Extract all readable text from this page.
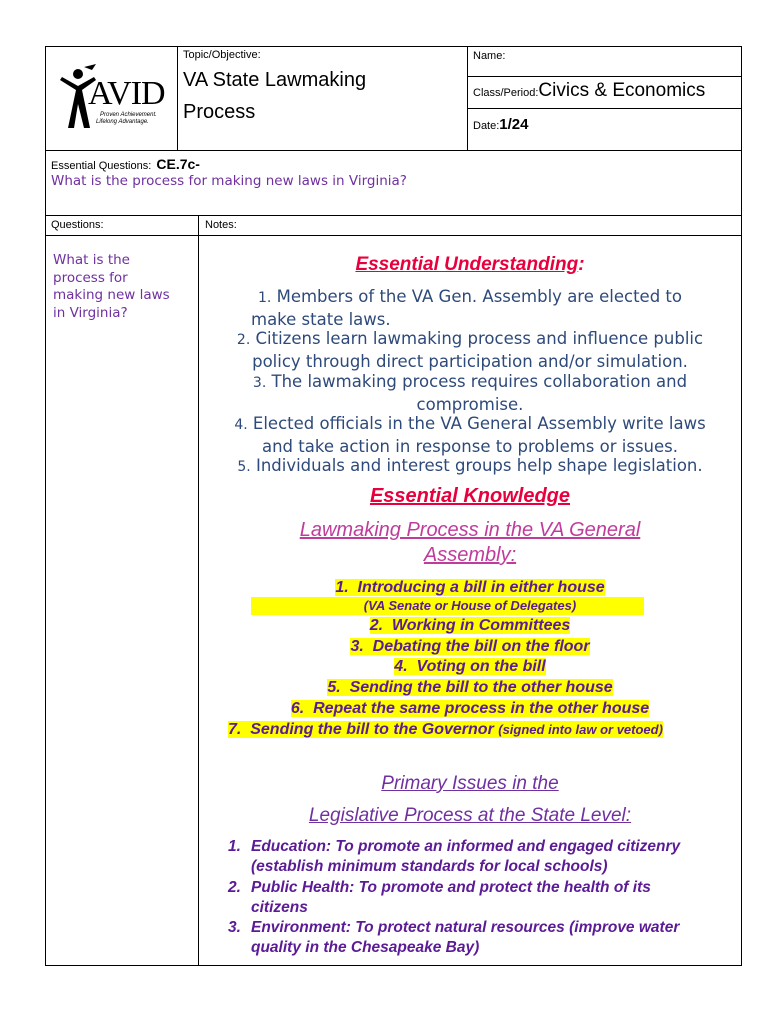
AVID
Proven Achievement.
Lifelong Advantage.
Topic/Objective:
VA State Lawmaking
Process
Name:
Class/Period:Civics & Economics
Date:1/24
Essential Questions: CE.7c-
What is the process for making new laws in Virginia?
Questions:	Notes:
What is the
process for
making new laws
in Virginia?
Essential Understanding:
1. Members of the VA Gen. Assembly are elected to
make state laws.
2. Citizens learn lawmaking process and influence public
policy through direct participation and/or simulation.
3. The lawmaking process requires collaboration and
compromise.
4. Elected officials in the VA General Assembly write laws
and take action in response to problems or issues.
5. Individuals and interest groups help shape legislation.
Essential Knowledge
Lawmaking Process in the VA General
Assembly:
1. Introducing a bill in either house
(VA Senate or House of Delegates)
2. Working in Committees
3. Debating the bill on the floor
4. Voting on the bill
5. Sending the bill to the other house
6. Repeat the same process in the other house
7. Sending the bill to the Governor (signed into law or vetoed)
Primary Issues in the
Legislative Process at the State Level:
1. Education: To promote an informed and engaged citizenry
(establish minimum standards for local schools)
2. Public Health: To promote and protect the health of its
citizens
3. Environment: To protect natural resources (improve water
quality in the Chesapeake Bay)
